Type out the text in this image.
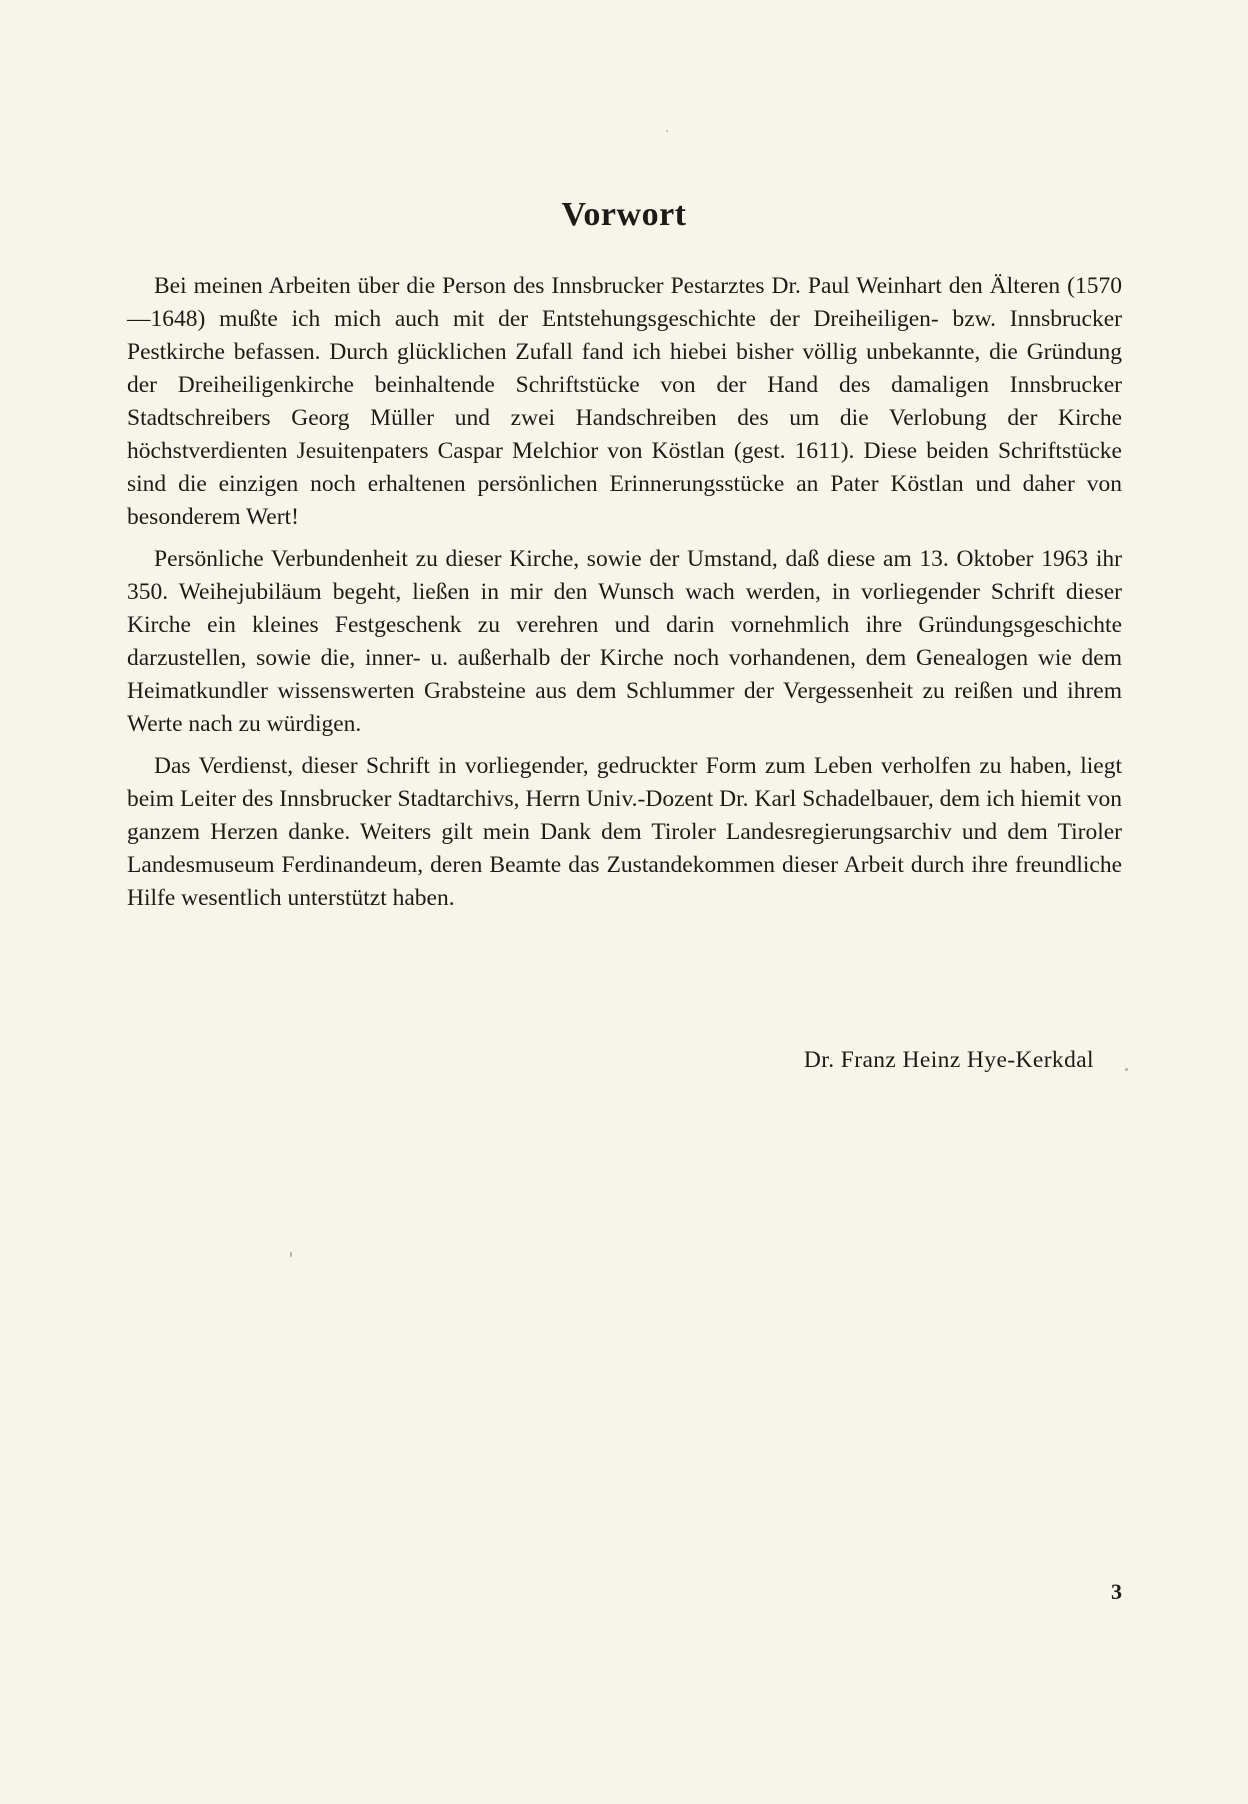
Vorwort

Bei meinen Arbeiten über die Person des Innsbrucker Pestarztes Dr. Paul Weinhart den Älteren (1570—1648) mußte ich mich auch mit der Entstehungsgeschichte der Dreiheiligen- bzw. Innsbrucker Pestkirche befassen. Durch glücklichen Zufall fand ich hiebei bisher völlig unbekannte, die Gründung der Dreiheiligenkirche beinhaltende Schriftstücke von der Hand des damaligen Innsbrucker Stadtschreibers Georg Müller und zwei Handschreiben des um die Verlobung der Kirche höchstverdienten Jesuitenpaters Caspar Melchior von Köstlan (gest. 1611). Diese beiden Schriftstücke sind die einzigen noch erhaltenen persönlichen Erinnerungsstücke an Pater Köstlan und daher von besonderem Wert!

Persönliche Verbundenheit zu dieser Kirche, sowie der Umstand, daß diese am 13. Oktober 1963 ihr 350. Weihejubiläum begeht, ließen in mir den Wunsch wach werden, in vorliegender Schrift dieser Kirche ein kleines Festgeschenk zu verehren und darin vornehmlich ihre Gründungsgeschichte darzustellen, sowie die, inner- u. außerhalb der Kirche noch vorhandenen, dem Genealogen wie dem Heimatkundler wissenswerten Grabsteine aus dem Schlummer der Vergessenheit zu reißen und ihrem Werte nach zu würdigen.

Das Verdienst, dieser Schrift in vorliegender, gedruckter Form zum Leben verholfen zu haben, liegt beim Leiter des Innsbrucker Stadtarchivs, Herrn Univ.-Dozent Dr. Karl Schadelbauer, dem ich hiemit von ganzem Herzen danke. Weiters gilt mein Dank dem Tiroler Landesregierungsarchiv und dem Tiroler Landesmuseum Ferdinandeum, deren Beamte das Zustandekommen dieser Arbeit durch ihre freundliche Hilfe wesentlich unterstützt haben.

Dr. Franz Heinz Hye-Kerkdal
3
